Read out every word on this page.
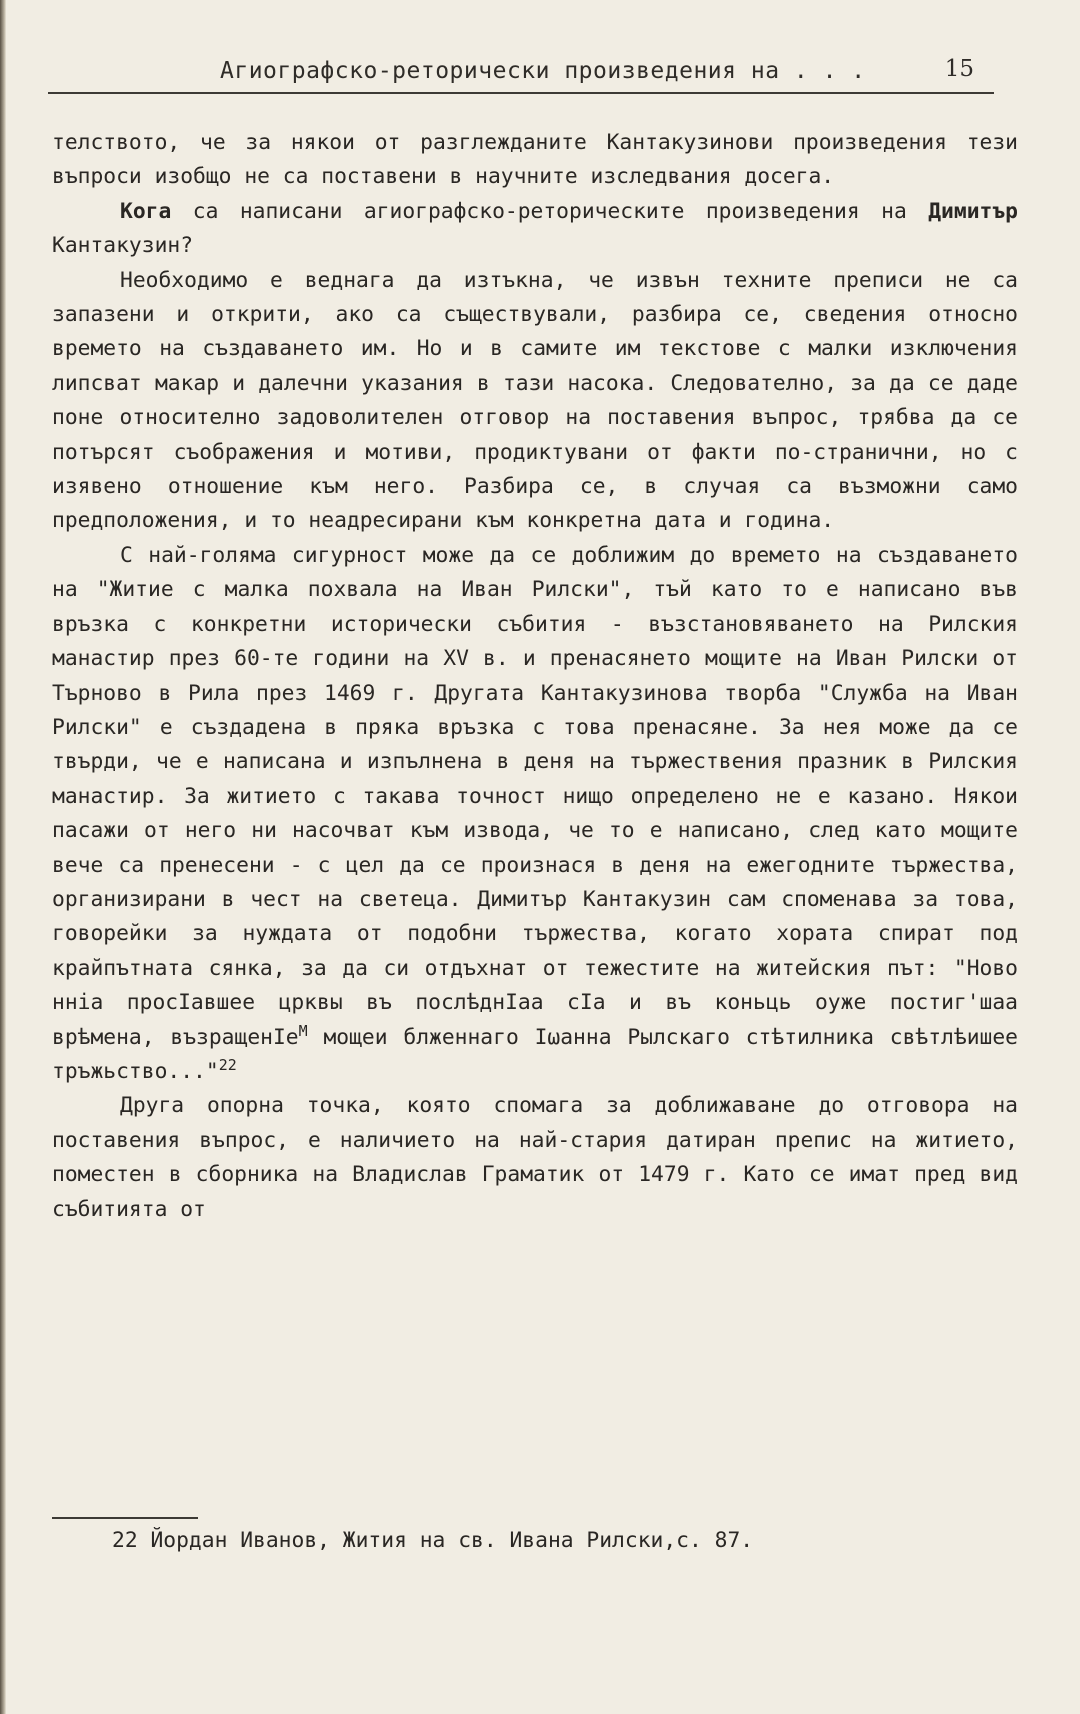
Агиографско-реторически произведения на . . .	15

телството, че за някои от разглежданите Кантакузинови произведения тези въпроси изобщо не са поставени в научните изследвания досега.

Кога са написани агиографско-реторическите произведения на Димитър Кантакузин?

Необходимо е веднага да изтъкна, че извън техните преписи не са запазени и открити, ако са съществували, разбира се, сведения относно времето на създаването им. Но и в самите им текстове с малки изключения липсват макар и далечни указания в тази насока. Следователно, за да се даде поне относително задоволителен отговор на поставения въпрос, трябва да се потърсят съображения и мотиви, продиктувани от факти по-странични, но с изявено отношение към него. Разбира се, в случая са възможни само предположения, и то неадресирани към конкретна дата и година.

С най-голяма сигурност може да се доближим до времето на създаването на "Житие с малка похвала на Иван Рилски", тъй като то е написано във връзка с конкретни исторически събития - възстановяването на Рилския манастир през 60-те години на XV в. и пренасянето мощите на Иван Рилски от Търново в Рила през 1469 г. Другата Кантакузинова творба "Служба на Иван Рилски" е създадена в пряка връзка с това пренасяне. За нея може да се твърди, че е написана и изпълнена в деня на тържествения празник в Рилския манастир. За житието с такава точност нищо определено не е казано. Някои пасажи от него ни насочват към извода, че то е написано, след като мощите вече са пренесени - с цел да се произнася в деня на ежегодните тържества, организирани в чест на светеца. Димитър Кантакузин сам споменава за това, говорейки за нуждата от подобни тържества, когато хората спират под крайпътната сянка, за да си отдъхнат от тежестите на житейския път: "Ново нніа просІавшее црквы въ послѣднІаа сІа и въ коньць оуже постиг'шаа врѣмена, възращенІе$^М$ мощеи блженнаго Іωанна Рылскаго стѣтилника свѣтлѣишее тръжьство..."$^{22}$

Друга опорна точка, която спомага за доближаване до отговора на поставения въпрос, е наличието на най-стария датиран препис на житието, поместен в сборника на Владислав Граматик от 1479 г. Като се имат пред вид събитията от

22 Йордан Иванов, Жития на св. Ивана Рилски,с. 87.
